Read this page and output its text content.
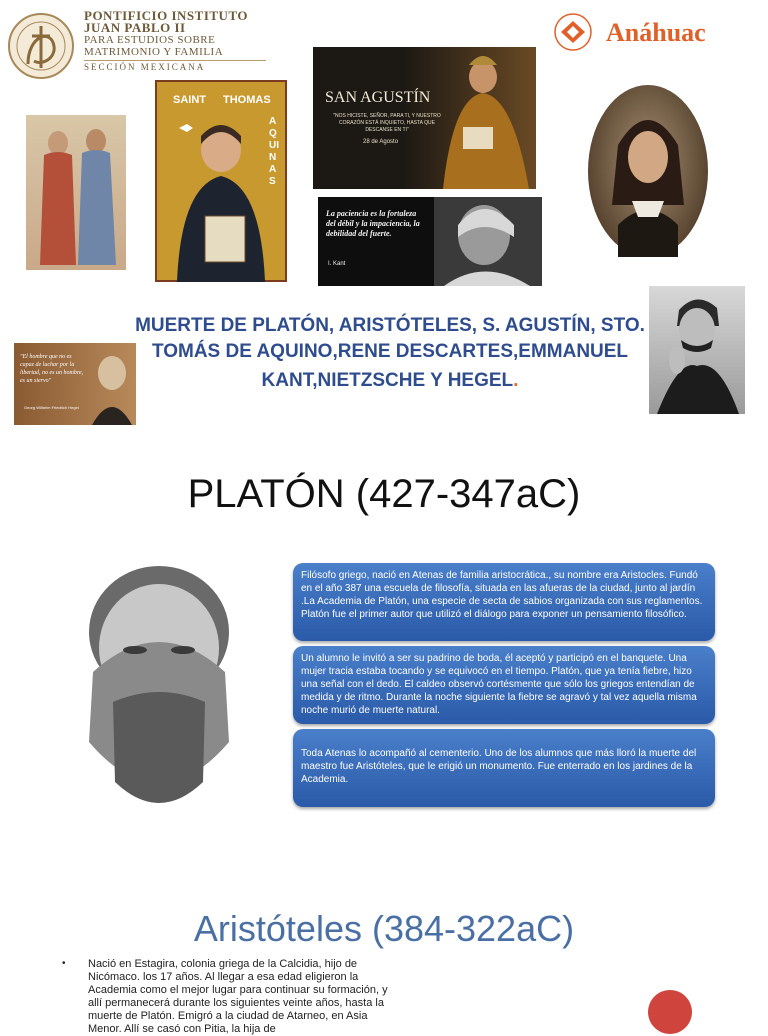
PONTIFICIO INSTITUTO
JUAN PABLO II
PARA ESTUDIOS SOBRE
MATRIMONIO Y FAMILIA
SECCIÓN MEXICANA
Anáhuac
SAINT THOMAS
AQUINAS
SAN AGUSTÍN
"NOS HICISTE, SEÑOR, PARA TI, Y NUESTRO CORAZÓN ESTÁ INQUIETO, HASTA QUE DESCANSE EN TI"
28 de Agosto
La paciencia es la fortaleza del débil y la impaciencia, la debilidad del fuerte.
I. Kant
MUERTE DE PLATÓN, ARISTÓTELES, S. AGUSTÍN, STO.
TOMÁS DE AQUINO,RENE DESCARTES,EMMANUEL
KANT,NIETZSCHE Y HEGEL.
"El hombre que no es capaz de luchar por la libertad, no es un hombre, es un siervo"
Georg Wilhelm Friedrich Hegel
PLATÓN (427-347aC)
Filósofo griego, nació en Atenas de familia aristocrática., su nombre era Aristocles. Fundó en el año 387 una escuela de filosofía, situada en las afueras de la ciudad, junto al jardín .La Academia de Platón, una especie de secta de sabios organizada con sus reglamentos. Platón fue el primer autor que utilizó el diálogo para exponer un pensamiento filosófico.
Un alumno le invitó a ser su padrino de boda, él aceptó y participó en el banquete. Una mujer tracia estaba tocando y se equivocó en el tiempo. Platón, que ya tenía fiebre, hizo una señal con el dedo. El caldeo observó cortésmente que sólo los griegos entendían de medida y de ritmo. Durante la noche siguiente la fiebre se agravó y tal vez aquella misma noche murió de muerte natural.
Toda Atenas lo acompañó al cementerio. Uno de los alumnos que más lloró la muerte del maestro fue Aristóteles, que le erigió un monumento. Fue enterrado en los jardines de la Academia.
Aristóteles (384-322aC)
• Nació en Estagira, colonia griega de la Calcidia, hijo de Nicómaco. los 17 años. Al llegar a esa edad eligieron la Academia como el mejor lugar para continuar su formación, y allí permanecerá durante los siguientes veinte años, hasta la muerte de Platón. Emigró a la ciudad de Atarneo, en Asia Menor. Allí se casó con Pitia, la hija de
